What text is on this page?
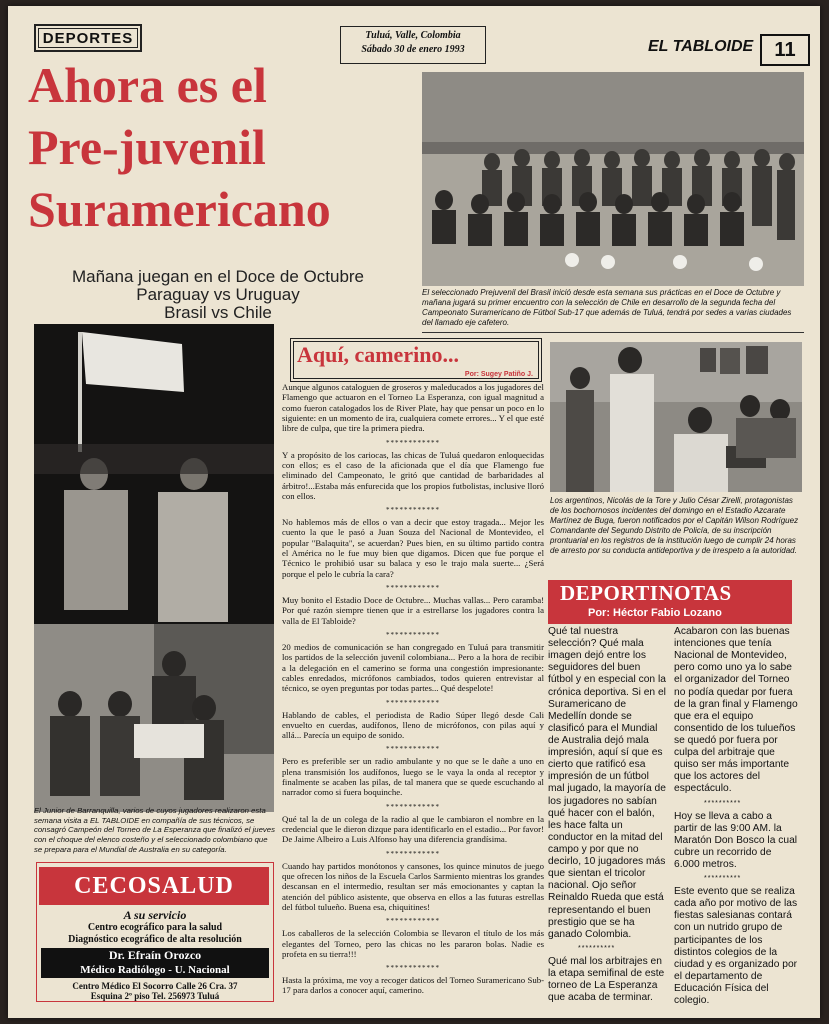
DEPORTES	Tuluá, Valle, Colombia
Sábado 30 de enero 1993	EL TABLOIDE	11
Ahora es el
Pre-juvenil
Suramericano
Mañana juegan en el Doce de Octubre
Paraguay vs Uruguay
Brasil vs Chile
El seleccionado Prejuvenil del Brasil inició desde esta semana sus prácticas en el Doce de Octubre y mañana jugará su primer encuentro con la selección de Chile en desarrollo de la segunda fecha del Campeonato Suramericano de Fútbol Sub-17 que además de Tuluá, tendrá por sedes a varias ciudades del llamado eje cafetero.
El Junior de Barranquilla, varios de cuyos jugadores realizaron esta semana visita a EL TABLOIDE en compañía de sus técnicos, se consagró Campeón del Torneo de La Esperanza que finalizó el jueves con el choque del elenco costeño y el seleccionado colombiano que se prepara para el Mundial de Australia en su categoría.
Aquí, camerino...
Por: Sugey Patiño J.

Aunque algunos cataloguen de groseros y maleducados a los jugadores del Flamengo que actuaron en el Torneo La Esperanza, con igual magnitud a como fueron catalogados los de River Plate, hay que pensar un poco en lo siguiente: en un momento de ira, cualquiera comete errores... Y el que esté libre de culpa, que tire la primera piedra.

************

Y a propósito de los cariocas, las chicas de Tuluá quedaron enloquecidas con ellos; es el caso de la aficionada que el día que Flamengo fue eliminado del Campeonato, le gritó que cantidad de barbaridades al árbitro!...Estaba más enfurecida que los propios futbolistas, inclusive lloró con ellos.

************

No hablemos más de ellos o van a decir que estoy tragada... Mejor les cuento la que le pasó a Juan Souza del Nacional de Montevideo, el popular "Balaquita", se acuerdan? Pues bien, en su último partido contra el América no le fue muy bien que digamos. Dicen que fue porque el Técnico le prohibió usar su balaca y eso le trajo mala suerte... ¿Será porque el pelo le cubría la cara?

************

Muy bonito el Estadio Doce de Octubre... Muchas vallas... Pero caramba! Por qué razón siempre tienen que ir a estrellarse los jugadores contra la valla de El Tabloide?

************

20 medios de comunicación se han congregado en Tuluá para transmitir los partidos de la selección juvenil colombiana... Pero a la hora de recibir a la delegación en el camerino se forma una congestión impresionante: cables enredados, micrófonos cambiados, todos quieren entrevistar al técnico, se oyen preguntas por todas partes... Qué despelote!

************

Hablando de cables, el periodista de Radio Súper llegó desde Cali envuelto en cuerdas, audífonos, lleno de micrófonos, con pilas aquí y allá... Parecía un equipo de sonido.

************

Pero es preferible ser un radio ambulante y no que se le dañe a uno en plena transmisión los audífonos, luego se le vaya la onda al receptor y finalmente se acaben las pilas, de tal manera que se quede escuchando al narrador como si fuera boquinche.

************

Qué tal la de un colega de la radio al que le cambiaron el nombre en la credencial que le dieron dizque para identificarlo en el estadio... Por favor! De Jaime Albeiro a Luis Alfonso hay una diferencia grandísima.

************

Cuando hay partidos monótonos y cansones, los quince minutos de juego que ofrecen los niños de la Escuela Carlos Sarmiento mientras los grandes descansan en el intermedio, resultan ser más emocionantes y captan la atención del público asistente, que observa en ellos a las futuras estrellas del fútbol tulueño. Buena esa, chiquitines!

************

Los caballeros de la selección Colombia se llevaron el título de los más elegantes del Torneo, pero las chicas no les pararon bolas. Nadie es profeta en su tierra!!!

************

Hasta la próxima, me voy a recoger daticos del Torneo Suramericano Sub-17 para darlos a conocer aquí, camerino.

Los argentinos, Nicolás de la Tore y Julio César Zirelli, protagonistas de los bochornosos incidentes del domingo en el Estadio Azcarate Martínez de Buga, fueron notificados por el Capitán Wilson Rodríguez Comandante del Segundo Distrito de Policía, de su inscripción prontuarial en los registros de la institución luego de cumplir 24 horas de arresto por su conducta antideportiva y de irrespeto a la autoridad.
DEPORTINOTAS
Por: Héctor Fabio Lozano

Qué tal nuestra selección? Qué mala imagen dejó entre los seguidores del buen fútbol y en especial con la crónica deportiva. Si en el Suramericano de Medellín donde se clasificó para el Mundial de Australia dejó mala impresión, aquí sí que es cierto que ratificó esa impresión de un fútbol mal jugado, la mayoría de los jugadores no sabían qué hacer con el balón, les hace falta un conductor en la mitad del campo y por que no decirlo, 10 jugadores más que sientan el tricolor nacional. Ojo señor Reinaldo Rueda que está representando el buen prestigio que se ha ganado Colombia.

**********

Qué mal los arbitrajes en la etapa semifinal de este torneo de La Esperanza que acaba de terminar.

Acabaron con las buenas intenciones que tenía Nacional de Montevideo, pero como uno ya lo sabe el organizador del Torneo no podía quedar por fuera de la gran final y Flamengo que era el equipo consentido de los tulueños se quedó por fuera por culpa del arbitraje que quiso ser más importante que los actores del espectáculo.

**********

Hoy se lleva a cabo a partir de las 9:00 AM. la Maratón Don Bosco la cual cubre un recorrido de 6.000 metros.

**********

Este evento que se realiza cada año por motivo de las fiestas salesianas contará con un nutrido grupo de participantes de los distintos colegios de la ciudad y es organizado por el departamento de Educación Física del colegio.

CECOSALUD
A su servicio
Centro ecográfico para la salud
Diagnóstico ecográfico de alta resolución
Dr. Efraín Orozco
Médico Radiólogo - U. Nacional
Centro Médico El Socorro Calle 26 Cra. 37
Esquina 2º piso Tel. 256973 Tuluá
